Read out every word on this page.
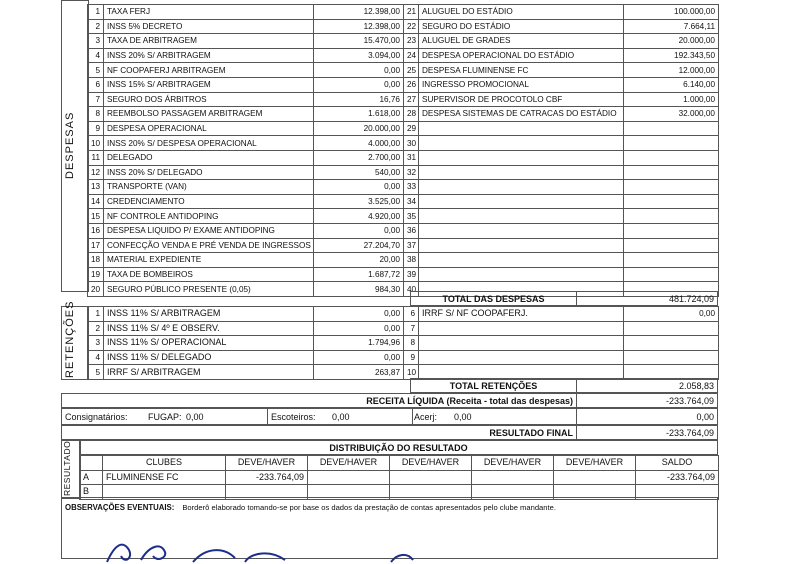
DESPESAS
1	TAXA FERJ	12.398,00	21	ALUGUEL DO ESTÁDIO	100.000,00
2	INSS 5% DECRETO	12.398,00	22	SEGURO DO ESTÁDIO	7.664,11
3	TAXA DE ARBITRAGEM	15.470,00	23	ALUGUEL DE GRADES	20.000,00
4	INSS 20% S/ ARBITRAGEM	3.094,00	24	DESPESA OPERACIONAL DO ESTÁDIO	192.343,50
5	NF COOPAFERJ ARBITRAGEM	0,00	25	DESPESA FLUMINENSE FC	12.000,00
6	INSS 15% S/ ARBITRAGEM	0,00	26	INGRESSO PROMOCIONAL	6.140,00
7	SEGURO DOS ÁRBITROS	16,76	27	SUPERVISOR DE PROCOTOLO CBF	1.000,00
8	REEMBOLSO PASSAGEM ARBITRAGEM	1.618,00	28	DESPESA SISTEMAS DE CATRACAS DO ESTÁDIO	32.000,00
9	DESPESA OPERACIONAL	20.000,00	29		
10	INSS 20% S/ DESPESA OPERACIONAL	4.000,00	30		
11	DELEGADO	2.700,00	31		
12	INSS 20% S/ DELEGADO	540,00	32		
13	TRANSPORTE (VAN)	0,00	33		
14	CREDENCIAMENTO	3.525,00	34		
15	NF CONTROLE ANTIDOPING	4.920,00	35		
16	DESPESA LIQUIDO P/ EXAME ANTIDOPING	0,00	36		
17	CONFECÇÃO VENDA E PRÉ VENDA DE INGRESSOS	27.204,70	37		
18	MATERIAL EXPEDIENTE	20,00	38		
19	TAXA DE BOMBEIROS	1.687,72	39		
20	SEGURO PÚBLICO PRESENTE (0,05)	984,30	40		
TOTAL DAS DESPESAS	481.724,09
RETENÇÕES	1	INSS 11% S/ ARBITRAGEM	0,00	6	IRRF S/ NF COOPAFERJ.	0,00
2	INSS 11% S/ 4º E OBSERV.	0,00	7		
3	INSS 11% S/ OPERACIONAL	1.794,96	8		
4	INSS 11% S/ DELEGADO	0,00	9		
5	IRRF S/ ARBITRAGEM	263,87	10		
TOTAL RETENÇÕES	2.058,83
RECEITA LÍQUIDA (Receita - total das despesas)	-233.764,09
Consignatários: FUGAP: 0,00	Escoteiros: 0,00	Acerj: 0,00	0,00
RESULTADO FINAL	-233.764,09
RESULTADO	DISTRIBUIÇÃO DO RESULTADO
	CLUBES	DEVE/HAVER	DEVE/HAVER	DEVE/HAVER	DEVE/HAVER	DEVE/HAVER	SALDO
A	FLUMINENSE FC	-233.764,09					-233.764,09
B							
OBSERVAÇÕES EVENTUAIS: Borderô elaborado tomando-se por base os dados da prestação de contas apresentados pelo clube mandante.
